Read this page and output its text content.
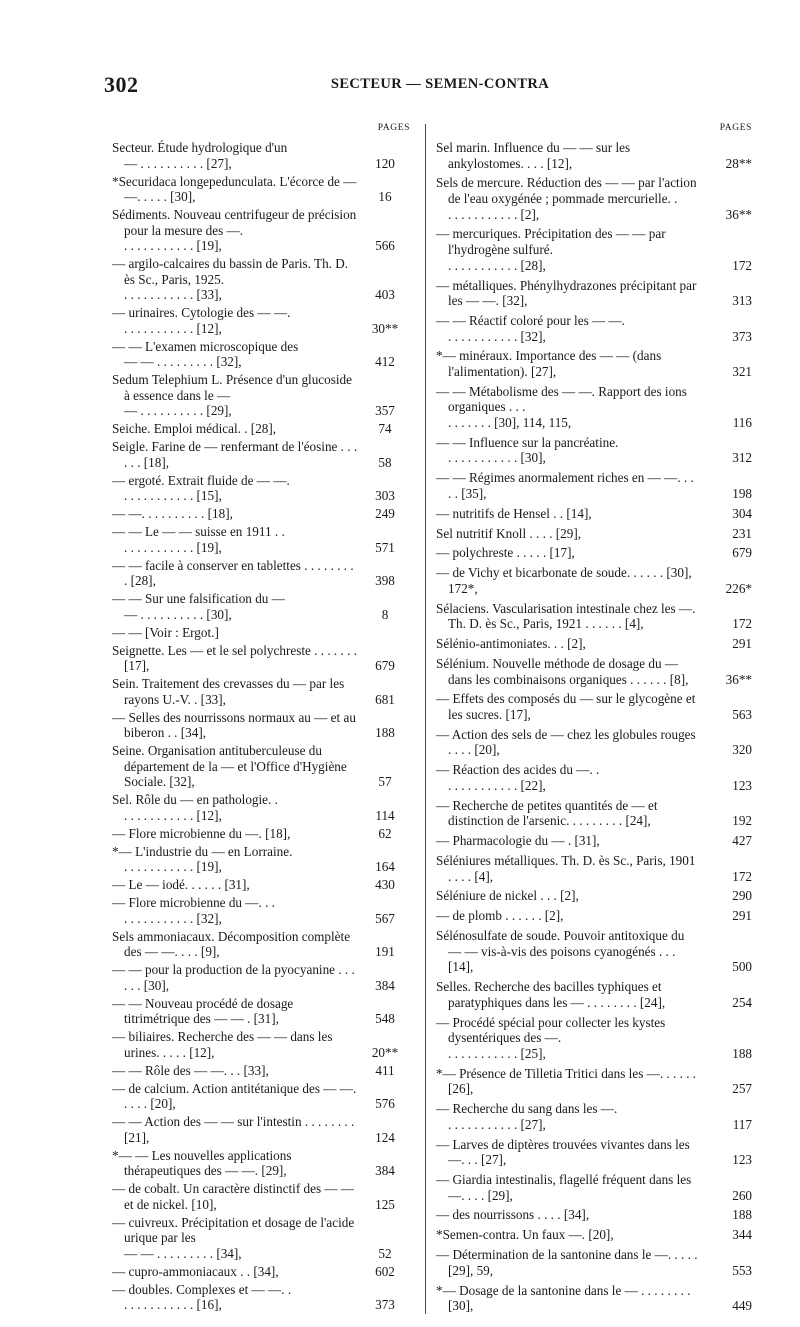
302	SECTEUR — SEMEN-CONTRA
PAGES
Secteur. Étude hydrologique d'un
— . . . . . . . . . . [27],	120
*Securidaca longepedunculata. L'écorce de — —. . . . . [30],	16
Sédiments. Nouveau centrifugeur de précision pour la mesure des —.
. . . . . . . . . . . [19],	566
— argilo-calcaires du bassin de Paris. Th. D. ès Sc., Paris, 1925.
. . . . . . . . . . . [33],	403
— urinaires. Cytologie des — —.
. . . . . . . . . . . [12],	30**
— — L'examen microscopique des
— — . . . . . . . . . [32],	412
Sedum Telephium L. Présence d'un glucoside à essence dans le —
— . . . . . . . . . . [29],	357
Seiche. Emploi médical. . [28],	74
Seigle. Farine de — renfermant de l'éosine . . . . . . [18],	58
— ergoté. Extrait fluide de — —.
. . . . . . . . . . . [15],	303
— —. . . . . . . . . . [18],	249
— — Le — — suisse en 1911 . .
. . . . . . . . . . . [19],	571
— — facile à conserver en tablettes . . . . . . . . . [28],	398
— — Sur une falsification du —
— . . . . . . . . . . [30],	8
— — [Voir : Ergot.]
Seignette. Les — et le sel polychreste . . . . . . . [17],	679
Sein. Traitement des crevasses du — par les rayons U.-V. . [33],	681
— Selles des nourrissons normaux au — et au biberon . . [34],	188
Seine. Organisation antituberculeuse du département de la — et l'Office d'Hygiène Sociale. [32],	57
Sel. Rôle du — en pathologie. .
. . . . . . . . . . . [12],	114
— Flore microbienne du —. [18],	62
*— L'industrie du — en Lorraine.
. . . . . . . . . . . [19],	164
— Le — iodé. . . . . . [31],	430
— Flore microbienne du —. . .
. . . . . . . . . . . [32],	567
Sels ammoniacaux. Décomposition complète des — —. . . . [9],	191
— — pour la production de la pyocyanine . . . . . . [30],	384
— — Nouveau procédé de dosage titrimétrique des — — . [31],	548
— biliaires. Recherche des — — dans les urines. . . . . [12],	20**
— — Rôle des — —. . . [33],	411
— de calcium. Action antitétanique des — —. . . . . [20],	576
— — Action des — — sur l'intestin . . . . . . . . [21],	124
*— — Les nouvelles applications thérapeutiques des — —. [29],	384
— de cobalt. Un caractère distinctif des — — et de nickel. [10],	125
— cuivreux. Précipitation et dosage de l'acide urique par les
— — . . . . . . . . . [34],	52
— cupro-ammoniacaux . . [34],	602
— doubles. Complexes et — —. .
. . . . . . . . . . . [16],	373
PAGES
Sel marin. Influence du — — sur les ankylostomes. . . . [12],	28**
Sels de mercure. Réduction des — — par l'action de l'eau oxygénée ; pommade mercurielle. .
. . . . . . . . . . . [2],	36**
— mercuriques. Précipitation des — — par l'hydrogène sulfuré.
. . . . . . . . . . . [28],	172
— métalliques. Phénylhydrazones précipitant par les — —. [32],	313
— — Réactif coloré pour les — —.
. . . . . . . . . . . [32],	373
*— minéraux. Importance des — — (dans l'alimentation). [27],	321
— — Métabolisme des — —. Rapport des ions organiques . . .
. . . . . . . [30], 114, 115,	116
— — Influence sur la pancréatine.
. . . . . . . . . . . [30],	312
— — Régimes anormalement riches en — —. . . . . [35],	198
— nutritifs de Hensel . . [14],	304
Sel nutritif Knoll . . . . [29],	231
— polychreste . . . . . [17],	679
— de Vichy et bicarbonate de soude. . . . . . [30], 172*,	226*
Sélaciens. Vascularisation intestinale chez les —. Th. D. ès Sc., Paris, 1921 . . . . . . [4],	172
Sélénio-antimoniates. . . [2],	291
Sélénium. Nouvelle méthode de dosage du — dans les combinaisons organiques . . . . . . [8],	36**
— Effets des composés du — sur le glycogène et les sucres. [17],	563
— Action des sels de — chez les globules rouges . . . . [20],	320
— Réaction des acides du —. .
. . . . . . . . . . . [22],	123
— Recherche de petites quantités de — et distinction de l'arsenic. . . . . . . . . [24],	192
— Pharmacologie du — . [31],	427
Séléniures métalliques. Th. D. ès Sc., Paris, 1901 . . . . [4],	172
Séléniure de nickel . . . [2],	290
— de plomb . . . . . . [2],	291
Sélénosulfate de soude. Pouvoir antitoxique du — — vis-à-vis des poisons cyanogénés . . . [14],	500
Selles. Recherche des bacilles typhiques et paratyphiques dans les — . . . . . . . . [24],	254
— Procédé spécial pour collecter les kystes dysentériques des —.
. . . . . . . . . . . [25],	188
*— Présence de Tilletia Tritici dans les —. . . . . . [26],	257
— Recherche du sang dans les —.
. . . . . . . . . . . [27],	117
— Larves de diptères trouvées vivantes dans les —. . . [27],	123
— Giardia intestinalis, flagellé fréquent dans les —. . . . [29],	260
— des nourrissons . . . . [34],	188
*Semen-contra. Un faux —. [20],	344
— Détermination de la santonine dans le —. . . . . [29], 59,	553
*— Dosage de la santonine dans le — . . . . . . . . [30],	449
